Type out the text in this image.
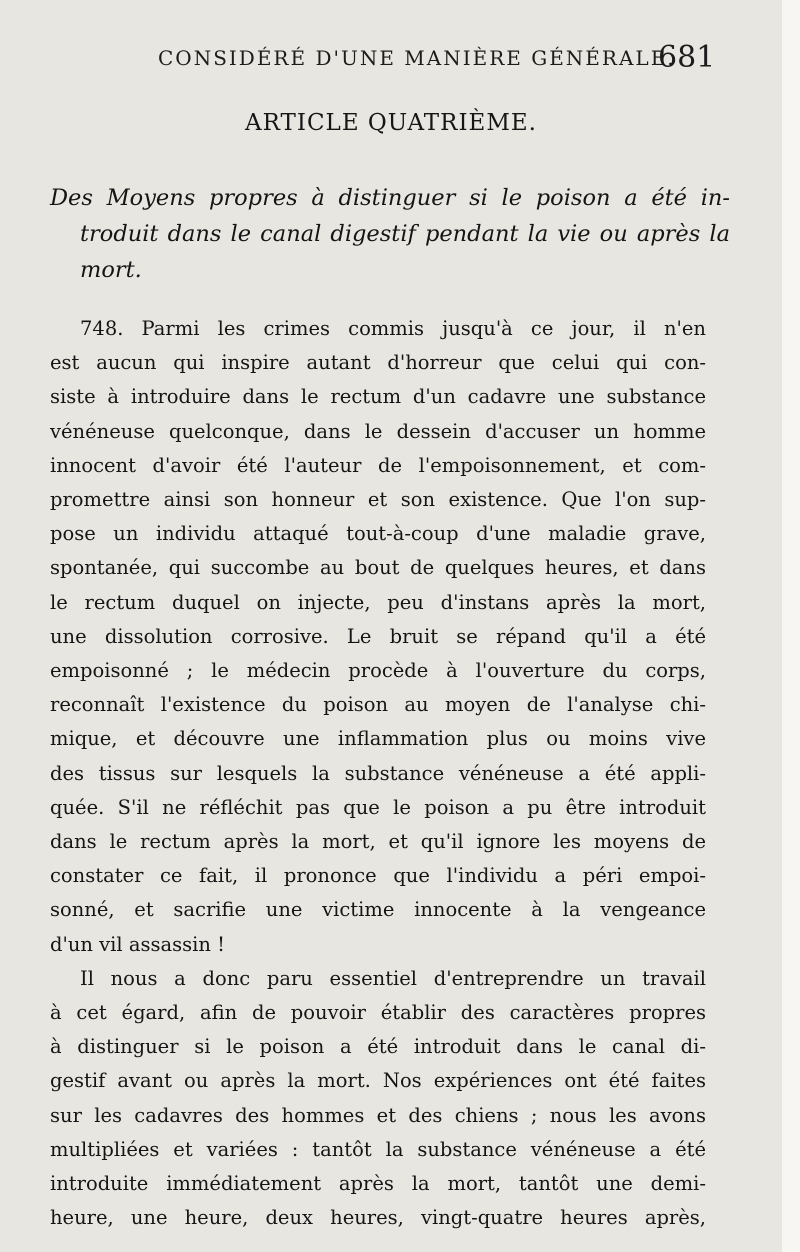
CONSIDÉRÉ D'UNE MANIÈRE GÉNÉRALE.
681
ARTICLE QUATRIÈME.
Des Moyens propres à distinguer si le poison a été in-
troduit dans le canal digestif pendant la vie ou après la
mort.
748. Parmi les crimes commis jusqu'à ce jour, il n'en
est aucun qui inspire autant d'horreur que celui qui con-
siste à introduire dans le rectum d'un cadavre une substance
vénéneuse quelconque, dans le dessein d'accuser un homme
innocent d'avoir été l'auteur de l'empoisonnement, et com-
promettre ainsi son honneur et son existence. Que l'on sup-
pose un individu attaqué tout-à-coup d'une maladie grave,
spontanée, qui succombe au bout de quelques heures, et dans
le rectum duquel on injecte, peu d'instans après la mort,
une dissolution corrosive. Le bruit se répand qu'il a été
empoisonné ; le médecin procède à l'ouverture du corps,
reconnaît l'existence du poison au moyen de l'analyse chi-
mique, et découvre une inflammation plus ou moins vive
des tissus sur lesquels la substance vénéneuse a été appli-
quée. S'il ne réfléchit pas que le poison a pu être introduit
dans le rectum après la mort, et qu'il ignore les moyens de
constater ce fait, il prononce que l'individu a péri empoi-
sonné, et sacrifie une victime innocente à la vengeance
d'un vil assassin !
Il nous a donc paru essentiel d'entreprendre un travail
à cet égard, afin de pouvoir établir des caractères propres
à distinguer si le poison a été introduit dans le canal di-
gestif avant ou après la mort. Nos expériences ont été faites
sur les cadavres des hommes et des chiens ; nous les avons
multipliées et variées : tantôt la substance vénéneuse a été
introduite immédiatement après la mort, tantôt une demi-
heure, une heure, deux heures, vingt-quatre heures après,
